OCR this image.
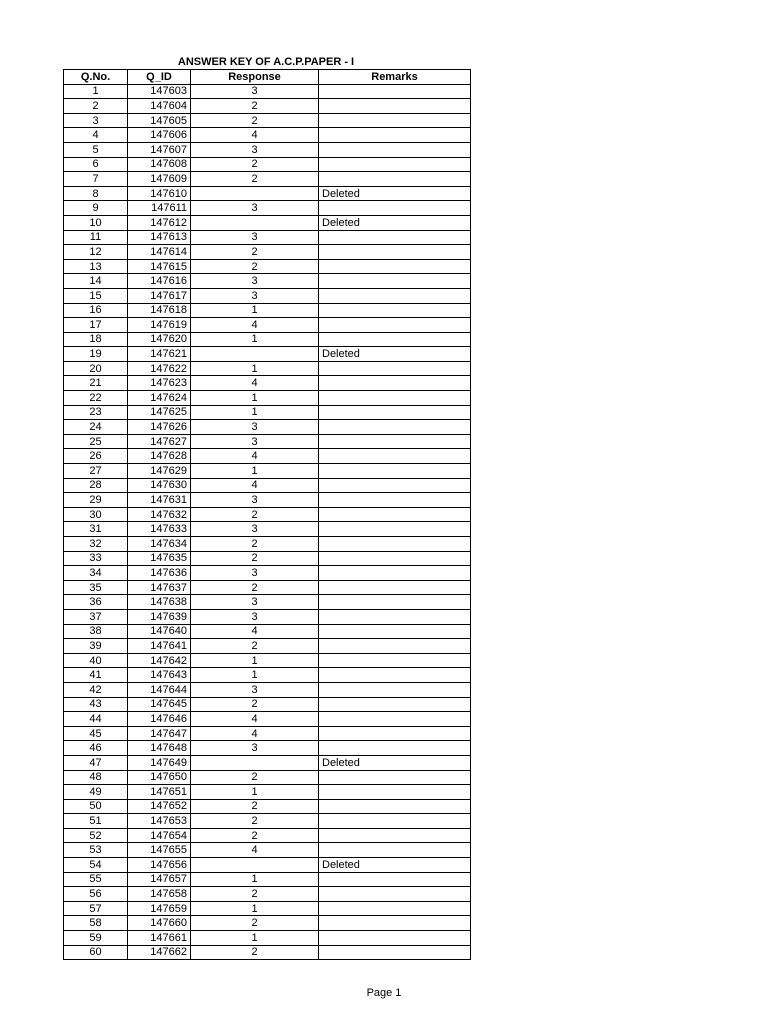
ANSWER KEY OF A.C.P.PAPER - I
Q.No.	Q_ID	Response	Remarks
1	147603	3	
2	147604	2	
3	147605	2	
4	147606	4	
5	147607	3	
6	147608	2	
7	147609	2	
8	147610		Deleted
9	147611	3	
10	147612		Deleted
11	147613	3	
12	147614	2	
13	147615	2	
14	147616	3	
15	147617	3	
16	147618	1	
17	147619	4	
18	147620	1	
19	147621		Deleted
20	147622	1	
21	147623	4	
22	147624	1	
23	147625	1	
24	147626	3	
25	147627	3	
26	147628	4	
27	147629	1	
28	147630	4	
29	147631	3	
30	147632	2	
31	147633	3	
32	147634	2	
33	147635	2	
34	147636	3	
35	147637	2	
36	147638	3	
37	147639	3	
38	147640	4	
39	147641	2	
40	147642	1	
41	147643	1	
42	147644	3	
43	147645	2	
44	147646	4	
45	147647	4	
46	147648	3	
47	147649		Deleted
48	147650	2	
49	147651	1	
50	147652	2	
51	147653	2	
52	147654	2	
53	147655	4	
54	147656		Deleted
55	147657	1	
56	147658	2	
57	147659	1	
58	147660	2	
59	147661	1	
60	147662	2	
Page 1
